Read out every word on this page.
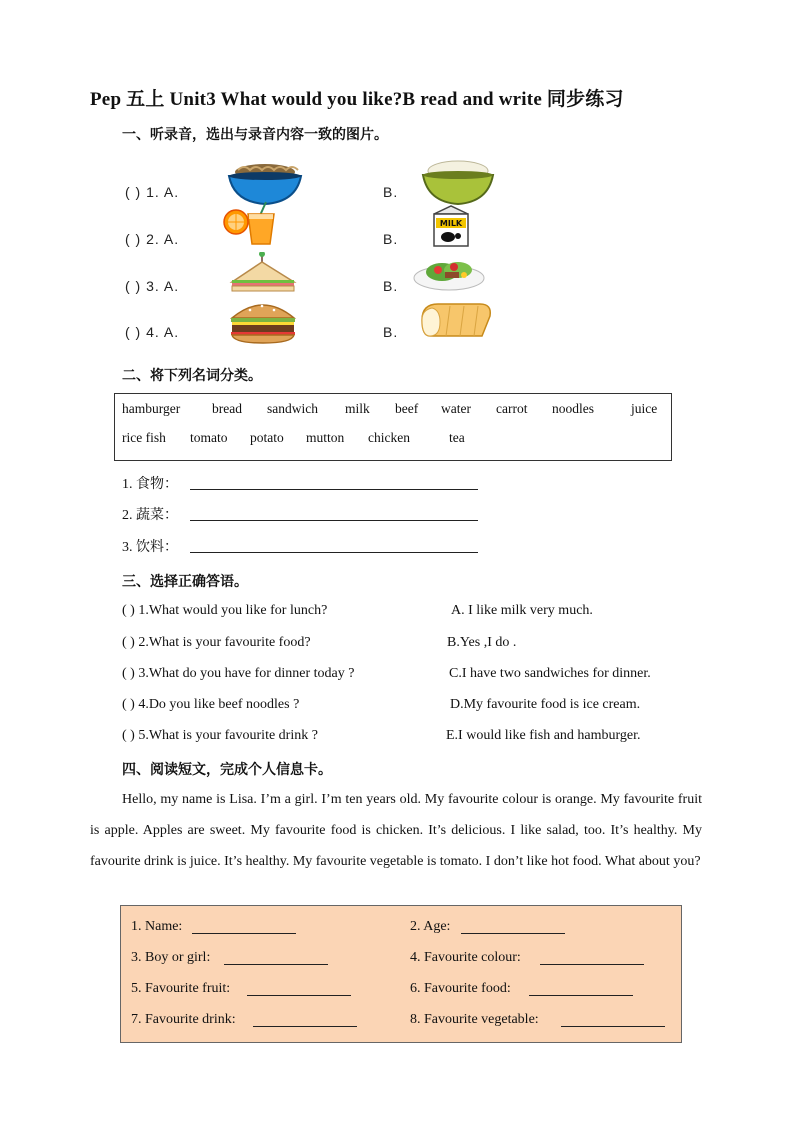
Pep 五上 Unit3 What would you like?B read and write 同步练习
一、听录音，选出与录音内容一致的图片。
( ) 1. A.	B.
( ) 2. A.	B.
MILK
( ) 3. A.	B.
( ) 4. A.	B.
二、将下列名词分类。
hamburger bread sandwich milk beef water carrot noodles	juice
rice fish tomato potato mutton chicken	tea
1. 食物：
2. 蔬菜：
3. 饮料：
三、选择正确答语。
( ) 1.What would you like for lunch?	A. I like milk very much.
( ) 2.What is your favourite food?	B.Yes ,I do .
( ) 3.What do you have for dinner today ?	C.I have two sandwiches for dinner.
( ) 4.Do you like beef noodles ?	D.My favourite food is ice cream.
( ) 5.What is your favourite drink ?	E.I would like fish and hamburger.
四、阅读短文，完成个人信息卡。
Hello, my name is Lisa. I’m a girl. I’m ten years old. My favourite colour is orange. My favourite fruit is apple. Apples are sweet. My favourite food is chicken. It’s delicious. I like salad, too. It’s healthy. My favourite drink is juice. It’s healthy. My favourite vegetable is tomato. I don’t like hot food. What about you?
1. Name:	2. Age:
3. Boy or girl:	4. Favourite colour:
5. Favourite fruit:	6. Favourite food:
7. Favourite drink:	8. Favourite vegetable:
